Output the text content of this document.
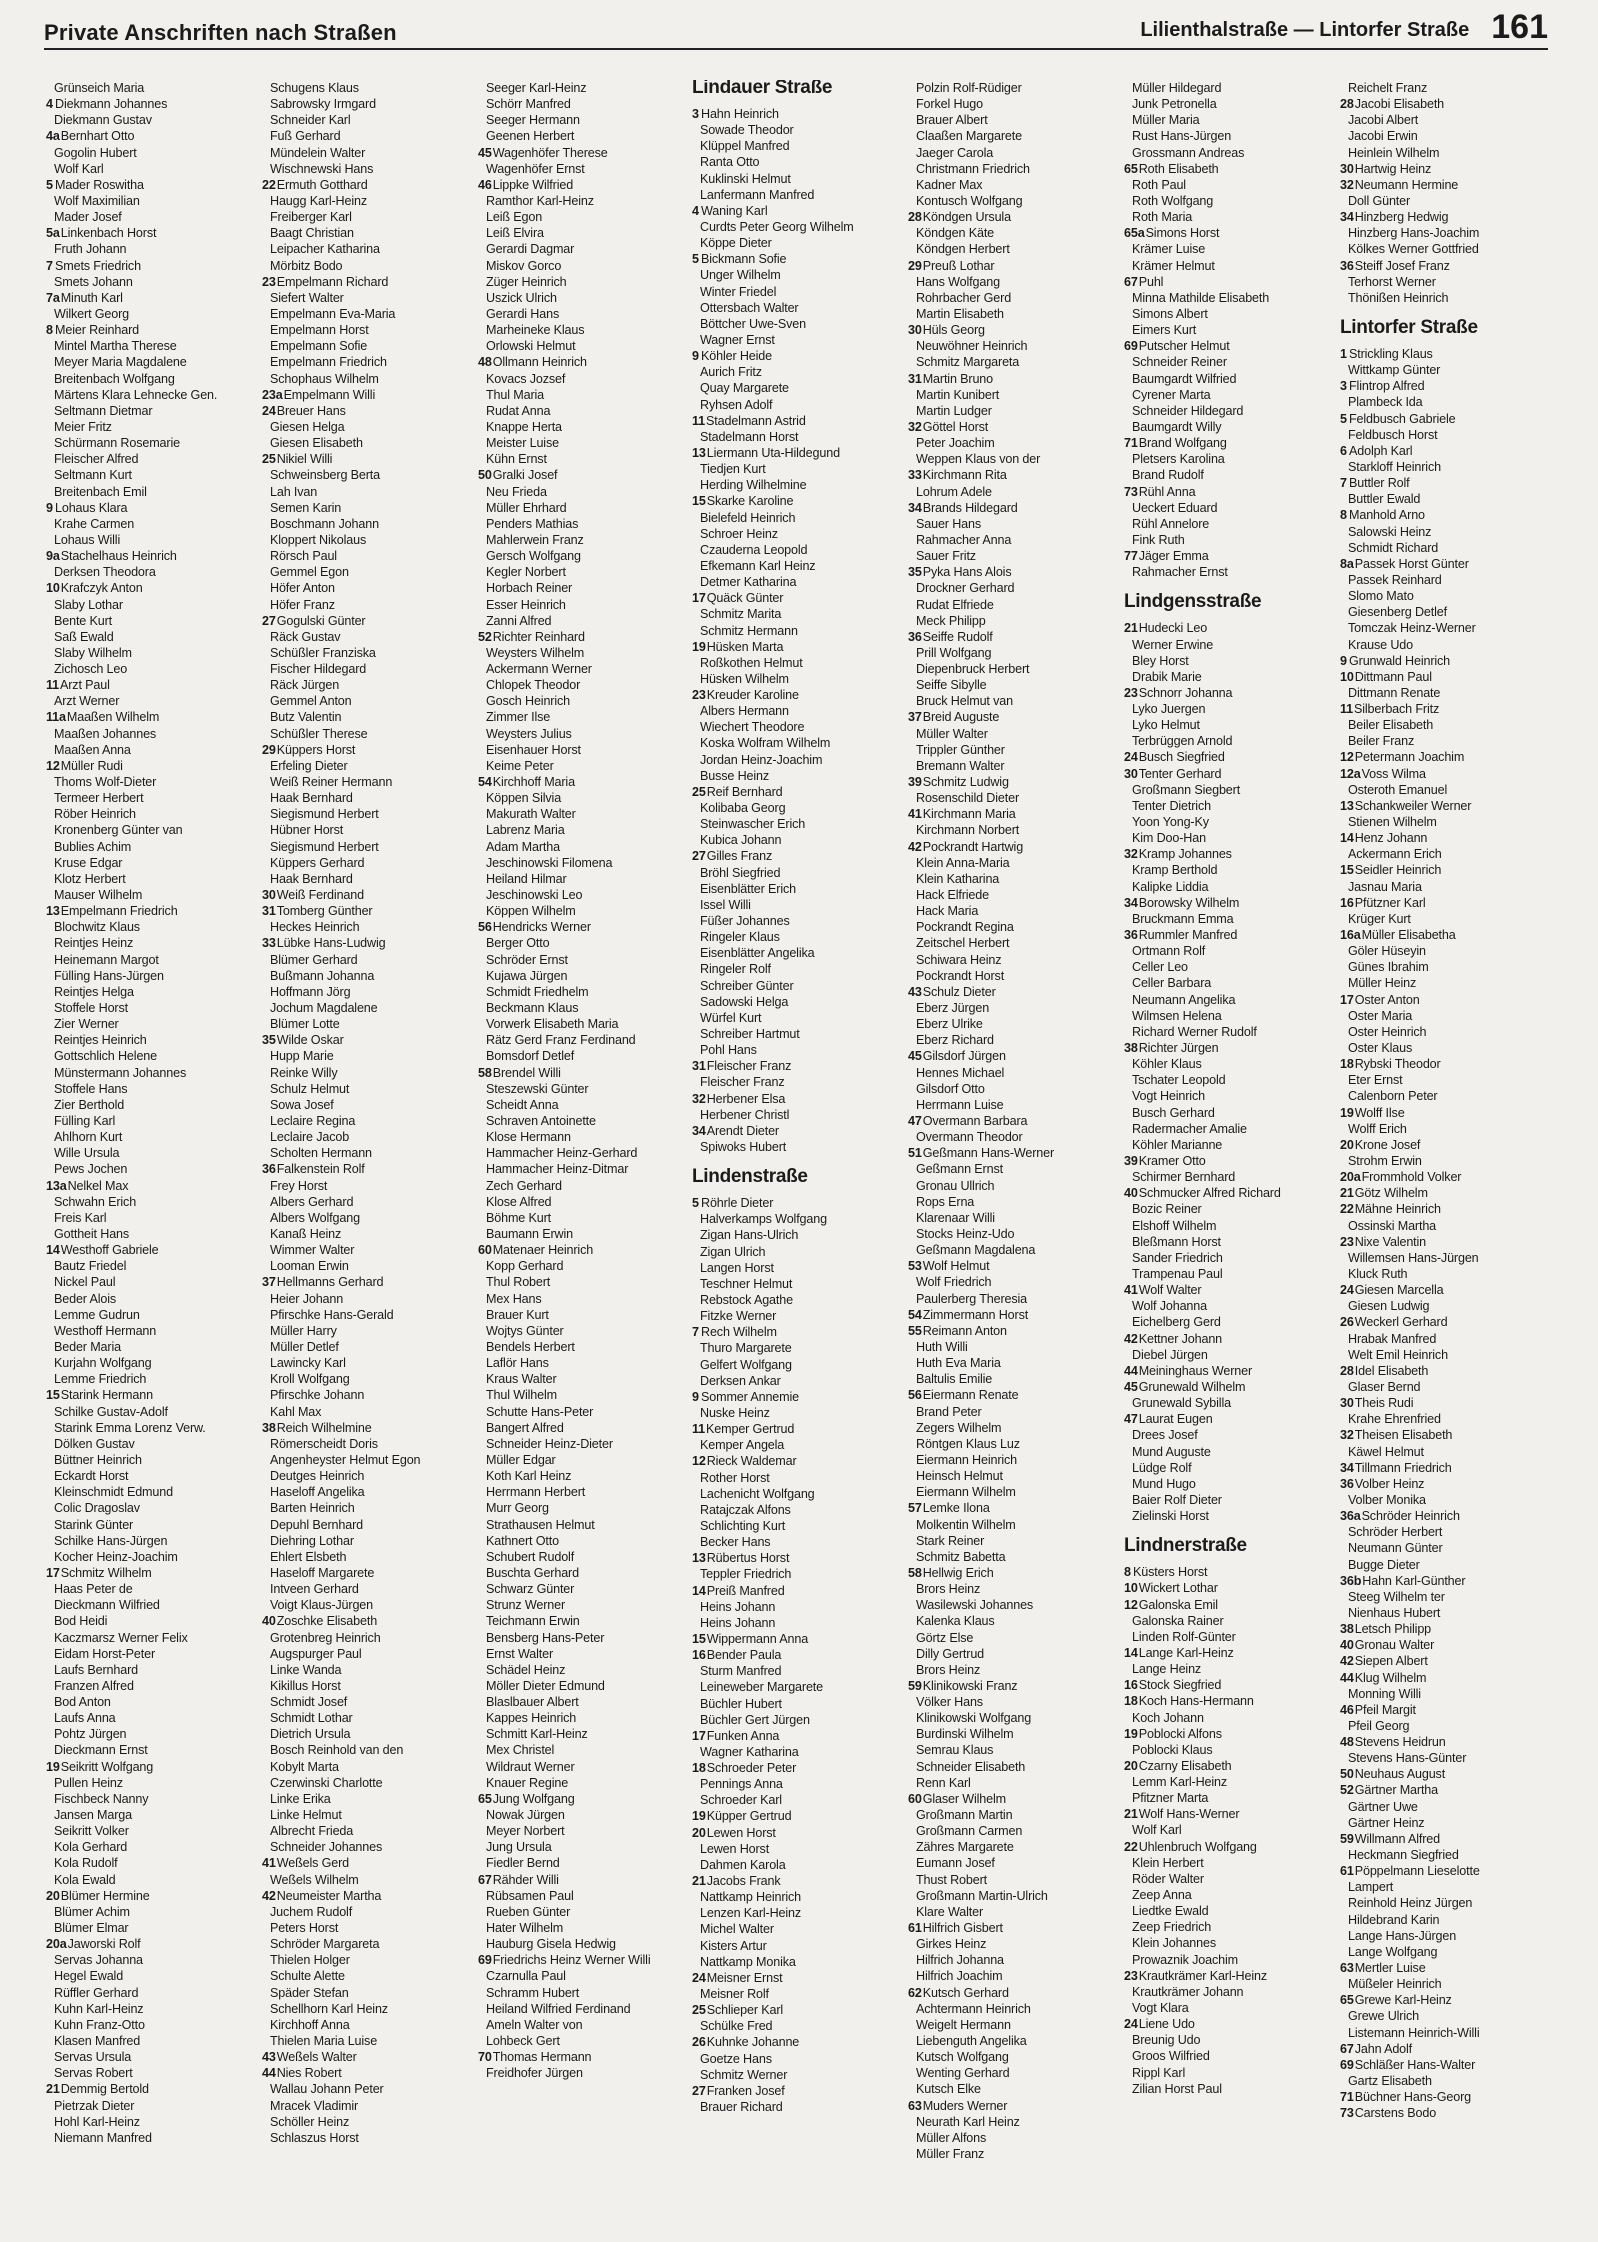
Private Anschriften nach Straßen	Lilienthalstraße — Lintorfer Straße 161
Grünseich Maria
4 Diekmann Johannes
Diekmann Gustav
4aBernhart Otto
Gogolin Hubert
Wolf Karl
5 Mader Roswitha
Wolf Maximilian
Mader Josef
5aLinkenbach Horst
Fruth Johann
7 Smets Friedrich
Smets Johann
7aMinuth Karl
Wilkert Georg
8 Meier Reinhard
Mintel Martha Therese
Meyer Maria Magdalene
Breitenbach Wolfgang
Märtens Klara Lehnecke Gen.
Seltmann Dietmar
Meier Fritz
Schürmann Rosemarie
Fleischer Alfred
Seltmann Kurt
Breitenbach Emil
9 Lohaus Klara
Krahe Carmen
Lohaus Willi
9aStachelhaus Heinrich
Derksen Theodora
10Krafczyk Anton
Slaby Lothar
Bente Kurt
Saß Ewald
Slaby Wilhelm
Zichosch Leo
11Arzt Paul
Arzt Werner
11aMaaßen Wilhelm
Maaßen Johannes
Maaßen Anna
12Müller Rudi
Thoms Wolf-Dieter
Termeer Herbert
Röber Heinrich
Kronenberg Günter van
Bublies Achim
Kruse Edgar
Klotz Herbert
Mauser Wilhelm
13Empelmann Friedrich
Blochwitz Klaus
Reintjes Heinz
Heinemann Margot
Fülling Hans-Jürgen
Reintjes Helga
Stoffele Horst
Zier Werner
Reintjes Heinrich
Gottschlich Helene
Münstermann Johannes
Stoffele Hans
Zier Berthold
Fülling Karl
Ahlhorn Kurt
Wille Ursula
Pews Jochen
13aNelkel Max
Schwahn Erich
Freis Karl
Gottheit Hans
14Westhoff Gabriele
Bautz Friedel
Nickel Paul
Beder Alois
Lemme Gudrun
Westhoff Hermann
Beder Maria
Kurjahn Wolfgang
Lemme Friedrich
15Starink Hermann
Schilke Gustav-Adolf
Starink Emma Lorenz Verw.
Dölken Gustav
Büttner Heinrich
Eckardt Horst
Kleinschmidt Edmund
Colic Dragoslav
Starink Günter
Schilke Hans-Jürgen
Kocher Heinz-Joachim
17Schmitz Wilhelm
Haas Peter de
Dieckmann Wilfried
Bod Heidi
Kaczmarsz Werner Felix
Eidam Horst-Peter
Laufs Bernhard
Franzen Alfred
Bod Anton
Laufs Anna
Pohtz Jürgen
Dieckmann Ernst
19Seikritt Wolfgang
Pullen Heinz
Fischbeck Nanny
Jansen Marga
Seikritt Volker
Kola Gerhard
Kola Rudolf
Kola Ewald
20Blümer Hermine
Blümer Achim
Blümer Elmar
20aJaworski Rolf
Servas Johanna
Hegel Ewald
Rüffler Gerhard
Kuhn Karl-Heinz
Kuhn Franz-Otto
Klasen Manfred
Servas Ursula
Servas Robert
21Demmig Bertold
Pietrzak Dieter
Hohl Karl-Heinz
Niemann Manfred
Schugens Klaus
Sabrowsky Irmgard
Schneider Karl
Fuß Gerhard
Mündelein Walter
Wischnewski Hans
22Ermuth Gotthard
Haugg Karl-Heinz
Freiberger Karl
Baagt Christian
Leipacher Katharina
Mörbitz Bodo
23Empelmann Richard
Siefert Walter
Empelmann Eva-Maria
Empelmann Horst
Empelmann Sofie
Empelmann Friedrich
Schophaus Wilhelm
23aEmpelmann Willi
24Breuer Hans
Giesen Helga
Giesen Elisabeth
25Nikiel Willi
Schweinsberg Berta
Lah Ivan
Semen Karin
Boschmann Johann
Kloppert Nikolaus
Rörsch Paul
Gemmel Egon
Höfer Anton
Höfer Franz
27Gogulski Günter
Räck Gustav
Schüßler Franziska
Fischer Hildegard
Räck Jürgen
Gemmel Anton
Butz Valentin
Schüßler Therese
29Küppers Horst
Erfeling Dieter
Weiß Reiner Hermann
Haak Bernhard
Siegismund Herbert
Hübner Horst
Siegismund Herbert
Küppers Gerhard
Haak Bernhard
30Weiß Ferdinand
31Tomberg Günther
Heckes Heinrich
33Lübke Hans-Ludwig
Blümer Gerhard
Bußmann Johanna
Hoffmann Jörg
Jochum Magdalene
Blümer Lotte
35Wilde Oskar
Hupp Marie
Reinke Willy
Schulz Helmut
Sowa Josef
Leclaire Regina
Leclaire Jacob
Scholten Hermann
36Falkenstein Rolf
Frey Horst
Albers Gerhard
Albers Wolfgang
Kanaß Heinz
Wimmer Walter
Looman Erwin
37Hellmanns Gerhard
Heier Johann
Pfirschke Hans-Gerald
Müller Harry
Müller Detlef
Lawincky Karl
Kroll Wolfgang
Pfirschke Johann
Kahl Max
38Reich Wilhelmine
Römerscheidt Doris
Angenheyster Helmut Egon
Deutges Heinrich
Haseloff Angelika
Barten Heinrich
Depuhl Bernhard
Diehring Lothar
Ehlert Elsbeth
Haseloff Margarete
Intveen Gerhard
Voigt Klaus-Jürgen
40Zoschke Elisabeth
Grotenbreg Heinrich
Augspurger Paul
Linke Wanda
Kikillus Horst
Schmidt Josef
Schmidt Lothar
Dietrich Ursula
Bosch Reinhold van den
Kobylt Marta
Czerwinski Charlotte
Linke Erika
Linke Helmut
Albrecht Frieda
Schneider Johannes
41Weßels Gerd
Weßels Wilhelm
42Neumeister Martha
Juchem Rudolf
Peters Horst
Schröder Margareta
Thielen Holger
Schulte Alette
Späder Stefan
Schellhorn Karl Heinz
Kirchhoff Anna
Thielen Maria Luise
43Weßels Walter
44Nies Robert
Wallau Johann Peter
Mracek Vladimir
Schöller Heinz
Schlaszus Horst
Seeger Karl-Heinz
Schörr Manfred
Seeger Hermann
Geenen Herbert
45Wagenhöfer Therese
Wagenhöfer Ernst
46Lippke Wilfried
Ramthor Karl-Heinz
Leiß Egon
Leiß Elvira
Gerardi Dagmar
Miskov Gorco
Züger Heinrich
Uszick Ulrich
Gerardi Hans
Marheineke Klaus
Orlowski Helmut
48Ollmann Heinrich
Kovacs Jozsef
Thul Maria
Rudat Anna
Knappe Herta
Meister Luise
Kühn Ernst
50Gralki Josef
Neu Frieda
Müller Ehrhard
Penders Mathias
Mahlerwein Franz
Gersch Wolfgang
Kegler Norbert
Horbach Reiner
Esser Heinrich
Zanni Alfred
52Richter Reinhard
Weysters Wilhelm
Ackermann Werner
Chlopek Theodor
Gosch Heinrich
Zimmer Ilse
Weysters Julius
Eisenhauer Horst
Keime Peter
54Kirchhoff Maria
Köppen Silvia
Makurath Walter
Labrenz Maria
Adam Martha
Jeschinowski Filomena
Heiland Hilmar
Jeschinowski Leo
Köppen Wilhelm
56Hendricks Werner
Berger Otto
Schröder Ernst
Kujawa Jürgen
Schmidt Friedhelm
Beckmann Klaus
Vorwerk Elisabeth Maria
Rätz Gerd Franz Ferdinand
Bomsdorf Detlef
58Brendel Willi
Steszewski Günter
Scheidt Anna
Schraven Antoinette
Klose Hermann
Hammacher Heinz-Gerhard
Hammacher Heinz-Ditmar
Zech Gerhard
Klose Alfred
Böhme Kurt
Baumann Erwin
60Matenaer Heinrich
Kopp Gerhard
Thul Robert
Mex Hans
Brauer Kurt
Wojtys Günter
Bendels Herbert
Laflör Hans
Kraus Walter
Thul Wilhelm
Schutte Hans-Peter
Bangert Alfred
Schneider Heinz-Dieter
Müller Edgar
Koth Karl Heinz
Herrmann Herbert
Murr Georg
Strathausen Helmut
Kathnert Otto
Schubert Rudolf
Buschta Gerhard
Schwarz Günter
Strunz Werner
Teichmann Erwin
Bensberg Hans-Peter
Ernst Walter
Schädel Heinz
Möller Dieter Edmund
Blaslbauer Albert
Kappes Heinrich
Schmitt Karl-Heinz
Mex Christel
Wildraut Werner
Knauer Regine
65Jung Wolfgang
Nowak Jürgen
Meyer Norbert
Jung Ursula
Fiedler Bernd
67Rähder Willi
Rübsamen Paul
Rueben Günter
Hater Wilhelm
Hauburg Gisela Hedwig
69Friedrichs Heinz Werner Willi
Czarnulla Paul
Schramm Hubert
Heiland Wilfried Ferdinand
Ameln Walter von
Lohbeck Gert
70Thomas Hermann
Freidhofer Jürgen
Lindauer Straße
3 Hahn Heinrich
Sowade Theodor
Klüppel Manfred
Ranta Otto
Kuklinski Helmut
Lanfermann Manfred
4 Waning Karl
Curdts Peter Georg Wilhelm
Köppe Dieter
5 Bickmann Sofie
Unger Wilhelm
Winter Friedel
Ottersbach Walter
Böttcher Uwe-Sven
Wagner Ernst
9 Köhler Heide
Aurich Fritz
Quay Margarete
Ryhsen Adolf
11Stadelmann Astrid
Stadelmann Horst
13Liermann Uta-Hildegund
Tiedjen Kurt
Herding Wilhelmine
15Skarke Karoline
Bielefeld Heinrich
Schroer Heinz
Czauderna Leopold
Efkemann Karl Heinz
Detmer Katharina
17Quäck Günter
Schmitz Marita
Schmitz Hermann
19Hüsken Marta
Roßkothen Helmut
Hüsken Wilhelm
23Kreuder Karoline
Albers Hermann
Wiechert Theodore
Koska Wolfram Wilhelm
Jordan Heinz-Joachim
Busse Heinz
25Reif Bernhard
Kolibaba Georg
Steinwascher Erich
Kubica Johann
27Gilles Franz
Bröhl Siegfried
Eisenblätter Erich
Issel Willi
Füßer Johannes
Ringeler Klaus
Eisenblätter Angelika
Ringeler Rolf
Schreiber Günter
Sadowski Helga
Würfel Kurt
Schreiber Hartmut
Pohl Hans
31Fleischer Franz
Fleischer Franz
32Herbener Elsa
Herbener Christl
34Arendt Dieter
Spiwoks Hubert
Lindenstraße
5 Röhrle Dieter
Halverkamps Wolfgang
Zigan Hans-Ulrich
Zigan Ulrich
Langen Horst
Teschner Helmut
Rebstock Agathe
Fitzke Werner
7 Rech Wilhelm
Thuro Margarete
Gelfert Wolfgang
Derksen Ankar
9 Sommer Annemie
Nuske Heinz
11Kemper Gertrud
Kemper Angela
12Rieck Waldemar
Rother Horst
Lachenicht Wolfgang
Ratajczak Alfons
Schlichting Kurt
Becker Hans
13Rübertus Horst
Teppler Friedrich
14Preiß Manfred
Heins Johann
Heins Johann
15Wippermann Anna
16Bender Paula
Sturm Manfred
Leineweber Margarete
Büchler Hubert
Büchler Gert Jürgen
17Funken Anna
Wagner Katharina
18Schroeder Peter
Pennings Anna
Schroeder Karl
19Küpper Gertrud
20Lewen Horst
Lewen Horst
Dahmen Karola
21Jacobs Frank
Nattkamp Heinrich
Lenzen Karl-Heinz
Michel Walter
Kisters Artur
Nattkamp Monika
24Meisner Ernst
Meisner Rolf
25Schlieper Karl
Schülke Fred
26Kuhnke Johanne
Goetze Hans
Schmitz Werner
27Franken Josef
Brauer Richard
Polzin Rolf-Rüdiger
Forkel Hugo
Brauer Albert
Claaßen Margarete
Jaeger Carola
Christmann Friedrich
Kadner Max
Kontusch Wolfgang
28Köndgen Ursula
Köndgen Käte
Köndgen Herbert
29Preuß Lothar
Hans Wolfgang
Rohrbacher Gerd
Martin Elisabeth
30Hüls Georg
Neuwöhner Heinrich
Schmitz Margareta
31Martin Bruno
Martin Kunibert
Martin Ludger
32Göttel Horst
Peter Joachim
Weppen Klaus von der
33Kirchmann Rita
Lohrum Adele
34Brands Hildegard
Sauer Hans
Rahmacher Anna
Sauer Fritz
35Pyka Hans Alois
Drockner Gerhard
Rudat Elfriede
Meck Philipp
36Seiffe Rudolf
Prill Wolfgang
Diepenbruck Herbert
Seiffe Sibylle
Bruck Helmut van
37Breid Auguste
Müller Walter
Trippler Günther
Bremann Walter
39Schmitz Ludwig
Rosenschild Dieter
41Kirchmann Maria
Kirchmann Norbert
42Pockrandt Hartwig
Klein Anna-Maria
Klein Katharina
Hack Elfriede
Hack Maria
Pockrandt Regina
Zeitschel Herbert
Schiwara Heinz
Pockrandt Horst
43Schulz Dieter
Eberz Jürgen
Eberz Ulrike
Eberz Richard
45Gilsdorf Jürgen
Hennes Michael
Gilsdorf Otto
Herrmann Luise
47Overmann Barbara
Overmann Theodor
51Geßmann Hans-Werner
Geßmann Ernst
Gronau Ullrich
Rops Erna
Klarenaar Willi
Stocks Heinz-Udo
Geßmann Magdalena
53Wolf Helmut
Wolf Friedrich
Paulerberg Theresia
54Zimmermann Horst
55Reimann Anton
Huth Willi
Huth Eva Maria
Baltulis Emilie
56Eiermann Renate
Brand Peter
Zegers Wilhelm
Röntgen Klaus Luz
Eiermann Heinrich
Heinsch Helmut
Eiermann Wilhelm
57Lemke Ilona
Molkentin Wilhelm
Stark Reiner
Schmitz Babetta
58Hellwig Erich
Brors Heinz
Wasilewski Johannes
Kalenka Klaus
Görtz Else
Dilly Gertrud
Brors Heinz
59Klinikowski Franz
Völker Hans
Klinikowski Wolfgang
Burdinski Wilhelm
Semrau Klaus
Schneider Elisabeth
Renn Karl
60Glaser Wilhelm
Großmann Martin
Großmann Carmen
Zähres Margarete
Eumann Josef
Thust Robert
Großmann Martin-Ulrich
Klare Walter
61Hilfrich Gisbert
Girkes Heinz
Hilfrich Johanna
Hilfrich Joachim
62Kutsch Gerhard
Achtermann Heinrich
Weigelt Hermann
Liebenguth Angelika
Kutsch Wolfgang
Wenting Gerhard
Kutsch Elke
63Muders Werner
Neurath Karl Heinz
Müller Alfons
Müller Franz
Müller Hildegard
Junk Petronella
Müller Maria
Rust Hans-Jürgen
Grossmann Andreas
65Roth Elisabeth
Roth Paul
Roth Wolfgang
Roth Maria
65aSimons Horst
Krämer Luise
Krämer Helmut
67Puhl
Minna Mathilde Elisabeth
Simons Albert
Eimers Kurt
69Putscher Helmut
Schneider Reiner
Baumgardt Wilfried
Cyrener Marta
Schneider Hildegard
Baumgardt Willy
71Brand Wolfgang
Pletsers Karolina
Brand Rudolf
73Rühl Anna
Ueckert Eduard
Rühl Annelore
Fink Ruth
77Jäger Emma
Rahmacher Ernst
Lindgensstraße
21Hudecki Leo
Werner Erwine
Bley Horst
Drabik Marie
23Schnorr Johanna
Lyko Juergen
Lyko Helmut
Terbrüggen Arnold
24Busch Siegfried
30Tenter Gerhard
Großmann Siegbert
Tenter Dietrich
Yoon Yong-Ky
Kim Doo-Han
32Kramp Johannes
Kramp Berthold
Kalipke Liddia
34Borowsky Wilhelm
Bruckmann Emma
36Rummler Manfred
Ortmann Rolf
Celler Leo
Celler Barbara
Neumann Angelika
Wilmsen Helena
Richard Werner Rudolf
38Richter Jürgen
Köhler Klaus
Tschater Leopold
Vogt Heinrich
Busch Gerhard
Radermacher Amalie
Köhler Marianne
39Kramer Otto
Schirmer Bernhard
40Schmucker Alfred Richard
Bozic Reiner
Elshoff Wilhelm
Bleßmann Horst
Sander Friedrich
Trampenau Paul
41Wolf Walter
Wolf Johanna
Eichelberg Gerd
42Kettner Johann
Diebel Jürgen
44Meininghaus Werner
45Grunewald Wilhelm
Grunewald Sybilla
47Laurat Eugen
Drees Josef
Mund Auguste
Lüdge Rolf
Mund Hugo
Baier Rolf Dieter
Zielinski Horst
Lindnerstraße
8 Küsters Horst
10Wickert Lothar
12Galonska Emil
Galonska Rainer
Linden Rolf-Günter
14Lange Karl-Heinz
Lange Heinz
16Stock Siegfried
18Koch Hans-Hermann
Koch Johann
19Poblocki Alfons
Poblocki Klaus
20Czarny Elisabeth
Lemm Karl-Heinz
Pfitzner Marta
21Wolf Hans-Werner
Wolf Karl
22Uhlenbruch Wolfgang
Klein Herbert
Röder Walter
Zeep Anna
Liedtke Ewald
Zeep Friedrich
Klein Johannes
Prowaznik Joachim
23Krautkrämer Karl-Heinz
Krautkrämer Johann
Vogt Klara
24Liene Udo
Breunig Udo
Groos Wilfried
Rippl Karl
Zilian Horst Paul
Reichelt Franz
28Jacobi Elisabeth
Jacobi Albert
Jacobi Erwin
Heinlein Wilhelm
30Hartwig Heinz
32Neumann Hermine
Doll Günter
34Hinzberg Hedwig
Hinzberg Hans-Joachim
Kölkes Werner Gottfried
36Steiff Josef Franz
Terhorst Werner
Thönißen Heinrich
Lintorfer Straße
1 Strickling Klaus
Wittkamp Günter
3 Flintrop Alfred
Plambeck Ida
5 Feldbusch Gabriele
Feldbusch Horst
6 Adolph Karl
Starkloff Heinrich
7 Buttler Rolf
Buttler Ewald
8 Manhold Arno
Salowski Heinz
Schmidt Richard
8aPassek Horst Günter
Passek Reinhard
Slomo Mato
Giesenberg Detlef
Tomczak Heinz-Werner
Krause Udo
9 Grunwald Heinrich
10Dittmann Paul
Dittmann Renate
11Silberbach Fritz
Beiler Elisabeth
Beiler Franz
12Petermann Joachim
12aVoss Wilma
Osteroth Emanuel
13Schankweiler Werner
Stienen Wilhelm
14Henz Johann
Ackermann Erich
15Seidler Heinrich
Jasnau Maria
16Pfützner Karl
Krüger Kurt
16aMüller Elisabetha
Göler Hüseyin
Günes Ibrahim
Müller Heinz
17Oster Anton
Oster Maria
Oster Heinrich
Oster Klaus
18Rybski Theodor
Eter Ernst
Calenborn Peter
19Wolff Ilse
Wolff Erich
20Krone Josef
Strohm Erwin
20aFrommhold Volker
21Götz Wilhelm
22Mähne Heinrich
Ossinski Martha
23Nixe Valentin
Willemsen Hans-Jürgen
Kluck Ruth
24Giesen Marcella
Giesen Ludwig
26Weckerl Gerhard
Hrabak Manfred
Welt Emil Heinrich
28Idel Elisabeth
Glaser Bernd
30Theis Rudi
Krahe Ehrenfried
32Theisen Elisabeth
Käwel Helmut
34Tillmann Friedrich
36Volber Heinz
Volber Monika
36aSchröder Heinrich
Schröder Herbert
Neumann Günter
Bugge Dieter
36bHahn Karl-Günther
Steeg Wilhelm ter
Nienhaus Hubert
38Letsch Philipp
40Gronau Walter
42Siepen Albert
44Klug Wilhelm
Monning Willi
46Pfeil Margit
Pfeil Georg
48Stevens Heidrun
Stevens Hans-Günter
50Neuhaus August
52Gärtner Martha
Gärtner Uwe
Gärtner Heinz
59Willmann Alfred
Heckmann Siegfried
61Pöppelmann Lieselotte
Lampert
Reinhold Heinz Jürgen
Hildebrand Karin
Lange Hans-Jürgen
Lange Wolfgang
63Mertler Luise
Müßeler Heinrich
65Grewe Karl-Heinz
Grewe Ulrich
Listemann Heinrich-Willi
67Jahn Adolf
69Schläßer Hans-Walter
Gartz Elisabeth
71Büchner Hans-Georg
73Carstens Bodo
